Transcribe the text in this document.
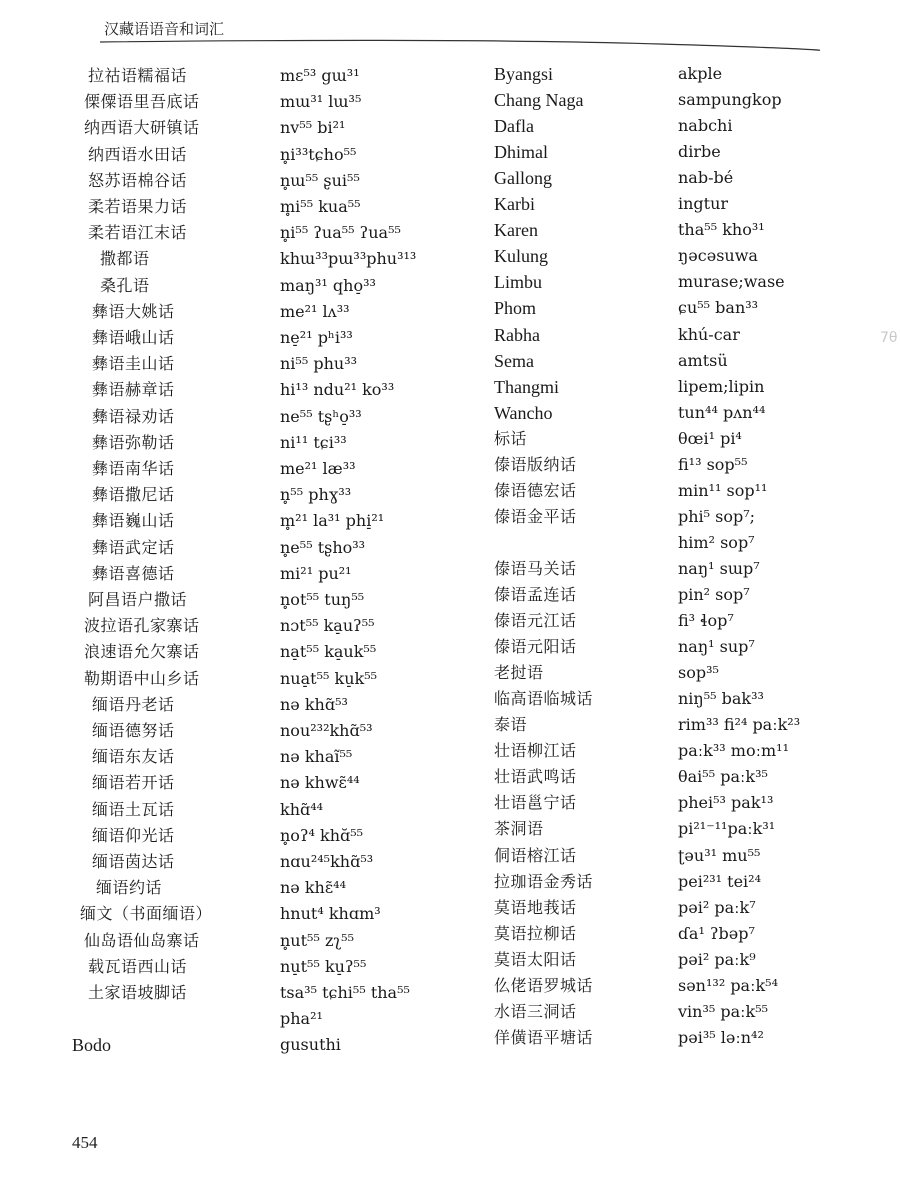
汉藏语语音和词汇
7θ
拉祜语糯福话
傈僳语里吾底话
纳西语大研镇话
纳西语水田话
怒苏语棉谷话
柔若语果力话
柔若语江末话
撒都语
桑孔语
彝语大姚话
彝语峨山话
彝语圭山话
彝语赫章话
彝语禄劝话
彝语弥勒话
彝语南华话
彝语撒尼话
彝语巍山话
彝语武定话
彝语喜德话
阿昌语户撒话
波拉语孔家寨话
浪速语允欠寨话
勒期语中山乡话
缅语丹老话
缅语德努话
缅语东友话
缅语若开话
缅语土瓦话
缅语仰光话
缅语茵达话
缅语约话
缅文（书面缅语）
仙岛语仙岛寨话
载瓦语西山话
土家语坡脚话
Bodo
mɛ⁵³ gɯ³¹
mɯ³¹ lɯ³⁵
nv⁵⁵ bi²¹
n̥i³³tɕho⁵⁵
n̥ɯ⁵⁵ ʂui⁵⁵
m̥i⁵⁵ kua⁵⁵
n̥i⁵⁵ ʔua⁵⁵ ʔua⁵⁵
khɯ³³pɯ³³phu³¹³
maŋ³¹ qho̠³³
me²¹ lʌ³³
ne̠²¹ pʰi³³
ni⁵⁵ phu³³
hi¹³ ndu²¹ ko³³
ne⁵⁵ tʂʰo̠³³
ni¹¹ tɕi³³
me²¹ læ³³
n̥⁵⁵ phɣ³³
m̥²¹ la³¹ phi̠²¹
n̥e⁵⁵ tʂho³³
mi²¹ pu²¹
n̥ot⁵⁵ tuŋ⁵⁵
nɔt⁵⁵ ka̠uʔ⁵⁵
na̠t⁵⁵ ka̠uk⁵⁵
nua̠t⁵⁵ ku̠k⁵⁵
nə khɑ̃⁵³
nou²³²khɑ̃⁵³
nə khaĩ⁵⁵
nə khwɛ̃⁴⁴
khɑ̃⁴⁴
n̥oʔ⁴ khɑ̆⁵⁵
nɑu²⁴⁵khɑ̃⁵³
nə khɛ̃⁴⁴
hnut⁴ khɑm³
n̥ut⁵⁵ zʅ⁵⁵
nu̠t⁵⁵ ku̠ʔ⁵⁵
tsa³⁵ tɕhi⁵⁵ tha⁵⁵
pha²¹
gusuthi
Byangsi
Chang Naga
Dafla
Dhimal
Gallong
Karbi
Karen
Kulung
Limbu
Phom
Rabha
Sema
Thangmi
Wancho
标话
傣语版纳话
傣语德宏话
傣语金平话
傣语马关话
傣语孟连话
傣语元江话
傣语元阳话
老挝语
临高语临城话
泰语
壮语柳江话
壮语武鸣话
壮语邕宁话
茶洞语
侗语榕江话
拉珈语金秀话
莫语地莪话
莫语拉柳话
莫语太阳话
仫佬语罗城话
水语三洞话
佯僙语平塘话
akple
sampungkop
nabchi
dirbe
nab-bé
ingtur
tha⁵⁵ kho³¹
ŋəcəsuwa
murase;wase
ɕu⁵⁵ ban³³
khú-car
amtsü
lipem;lipin
tun⁴⁴ pʌn⁴⁴
θœi¹ pi⁴
fi¹³ sop⁵⁵
min¹¹ sop¹¹
phi⁵ sop⁷;
him² sop⁷
naŋ¹ sɯp⁷
pin² sop⁷
fi³ ɬop⁷
naŋ¹ sup⁷
sop³⁵
niŋ⁵⁵ bak³³
rim³³ fi²⁴ paːk²³
paːk³³ moːm¹¹
θai⁵⁵ paːk³⁵
phei⁵³ pak¹³
pi²¹⁻¹¹paːk³¹
ʈəu³¹ mu⁵⁵
pei²³¹ tei²⁴
pəi² paːk⁷
ɗa¹ ʔbəp⁷
pəi² paːk⁹
sən¹³² paːk⁵⁴
vin³⁵ paːk⁵⁵
pəi³⁵ ləːn⁴²
454
